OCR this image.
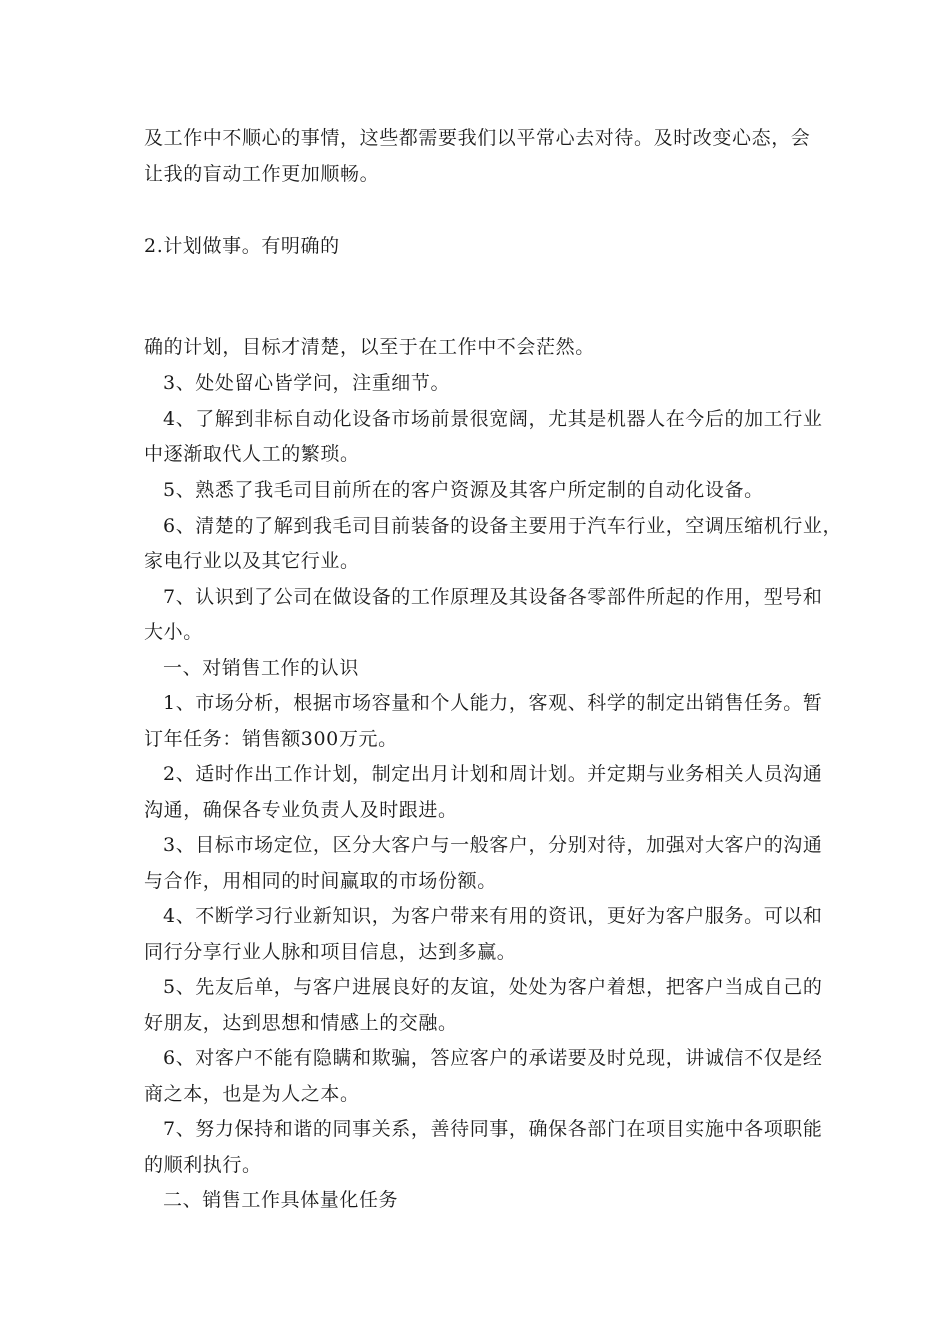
及工作中不顺心的事情，这些都需要我们以平常心去对待。及时改变心态，会
让我的盲动工作更加顺畅。
2.计划做事。有明确的
确的计划，目标才清楚，以至于在工作中不会茫然。
3、处处留心皆学问，注重细节。
4、了解到非标自动化设备市场前景很宽阔，尤其是机器人在今后的加工行业
中逐渐取代人工的繁琐。
5、熟悉了我毛司目前所在的客户资源及其客户所定制的自动化设备。
6、清楚的了解到我毛司目前装备的设备主要用于汽车行业，空调压缩机行业，
家电行业以及其它行业。
7、认识到了公司在做设备的工作原理及其设备各零部件所起的作用，型号和
大小。
一、对销售工作的认识
1、市场分析，根据市场容量和个人能力，客观、科学的制定出销售任务。暂
订年任务：销售额300万元。
2、适时作出工作计划，制定出月计划和周计划。并定期与业务相关人员沟通
沟通，确保各专业负责人及时跟进。
3、目标市场定位，区分大客户与一般客户，分别对待，加强对大客户的沟通
与合作，用相同的时间赢取的市场份额。
4、不断学习行业新知识，为客户带来有用的资讯，更好为客户服务。可以和
同行分享行业人脉和项目信息，达到多赢。
5、先友后单，与客户进展良好的友谊，处处为客户着想，把客户当成自己的
好朋友，达到思想和情感上的交融。
6、对客户不能有隐瞒和欺骗，答应客户的承诺要及时兑现，讲诚信不仅是经
商之本，也是为人之本。
7、努力保持和谐的同事关系，善待同事，确保各部门在项目实施中各项职能
的顺利执行。
二、销售工作具体量化任务
